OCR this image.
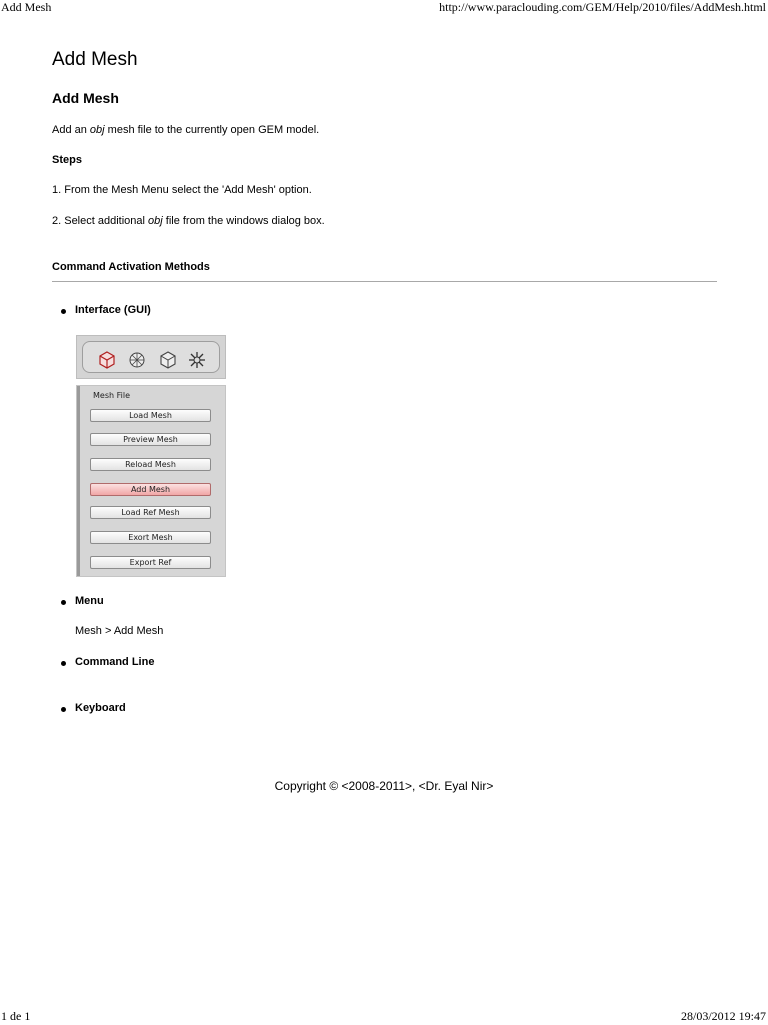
Add Mesh	http://www.paraclouding.com/GEM/Help/2010/files/AddMesh.html
Add Mesh
Add Mesh

Add an obj mesh file to the currently open GEM model.

Steps

1. From the Mesh Menu select the 'Add Mesh' option.

2. Select additional obj file from the windows dialog box.

Command Activation Methods

Interface (GUI)
Mesh File
Load Mesh
Preview Mesh
Reload Mesh
Add Mesh
Load Ref Mesh
Exort Mesh
Export Ref
Menu
Mesh > Add Mesh
Command Line
Keyboard
Copyright © <2008-2011>, <Dr. Eyal Nir>
1 de 1	28/03/2012 19:47
